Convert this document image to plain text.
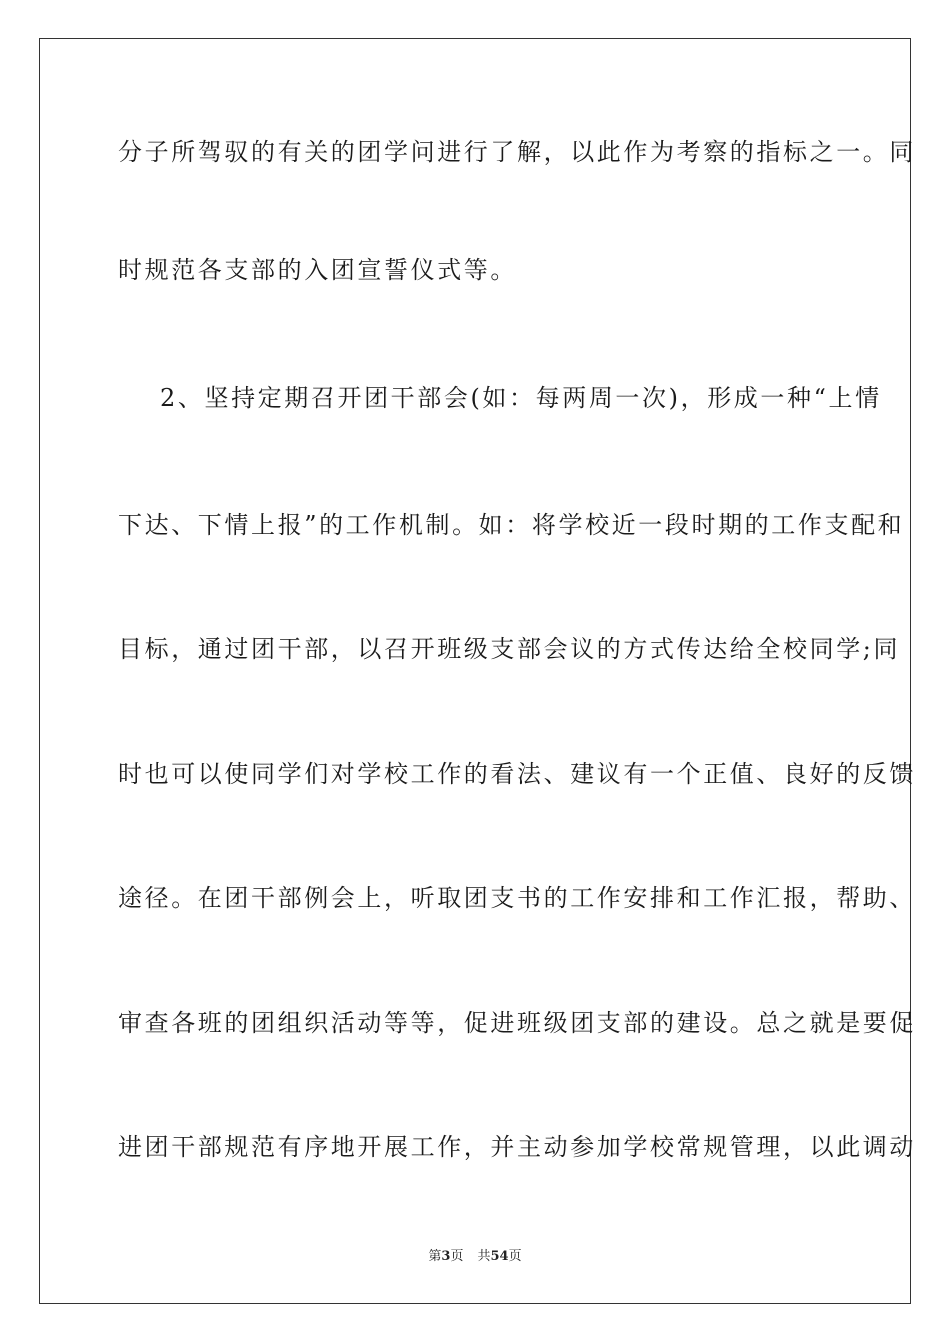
分子所驾驭的有关的团学问进行了解，以此作为考察的指标之一。同
时规范各支部的入团宣誓仪式等。
2、坚持定期召开团干部会(如：每两周一次)，形成一种“上情
下达、下情上报”的工作机制。如：将学校近一段时期的工作支配和
目标，通过团干部，以召开班级支部会议的方式传达给全校同学;同
时也可以使同学们对学校工作的看法、建议有一个正值、良好的反馈
途径。在团干部例会上，听取团支书的工作安排和工作汇报，帮助、
审查各班的团组织活动等等，促进班级团支部的建设。总之就是要促
进团干部规范有序地开展工作，并主动参加学校常规管理，以此调动
第3页 共54页
